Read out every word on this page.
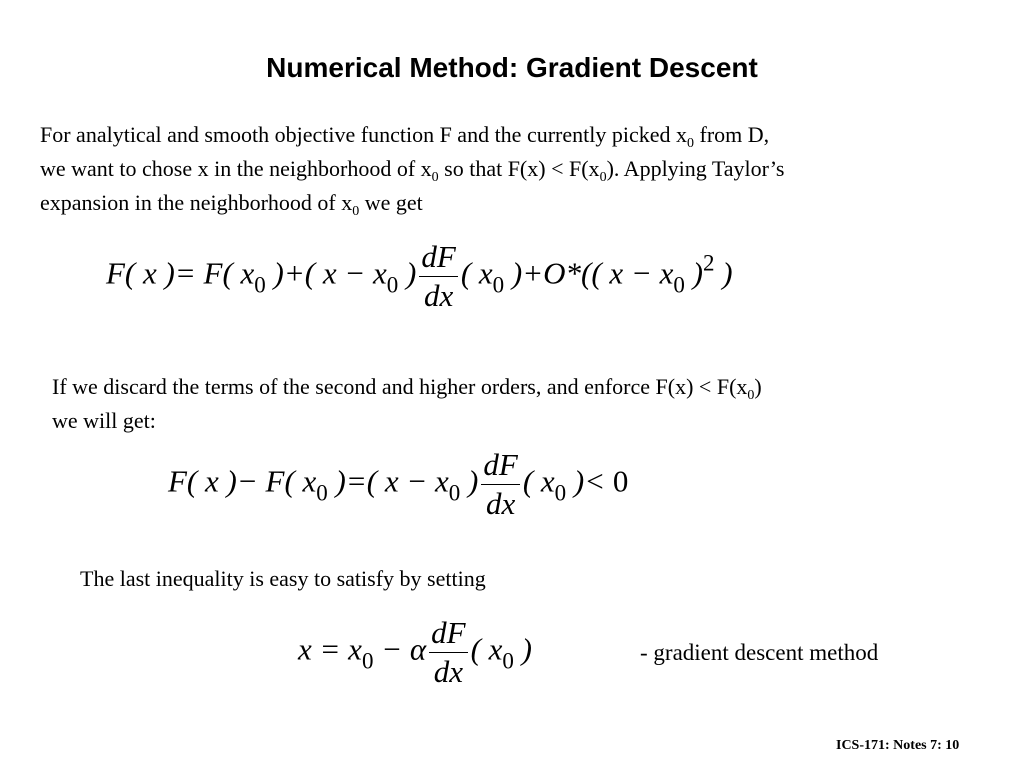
Numerical Method: Gradient Descent
For analytical and smooth objective function F and the currently picked $x_0$ from D,
we want to chose x in the neighborhood of $x_0$ so that $F(x) < F(x_0)$. Applying Taylor’s
expansion in the neighborhood of $x_0$ we get
F( x )= F( $x_0$ )+( $x - x_0$ ) $\frac{dF}{dx}$ ( $x_0$ )+O*(( $x - x_0$ )$^2$ )
If we discard the terms of the second and higher orders, and enforce $F(x) < F(x_0)$
we will get:
F( x )− F( $x_0$ )=( $x - x_0$ ) $\frac{dF}{dx}$ ( $x_0$ )< 0
The last inequality is easy to satisfy by setting
$x = x_0 - \alpha \frac{dF}{dx}$ ( $x_0$ )	- gradient descent method
ICS-171: Notes 7: 10
